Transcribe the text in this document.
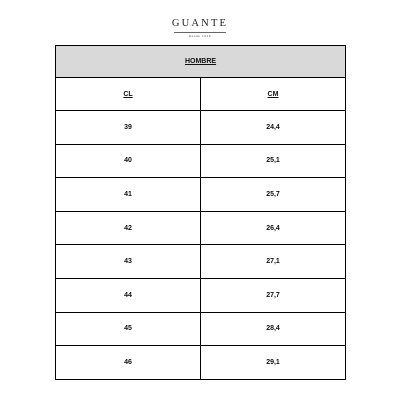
GUANTE
Desde 1918
HOMBRE	
CL	CM
39	24,4
40	25,1
41	25,7
42	26,4
43	27,1
44	27,7
45	28,4
46	29,1
